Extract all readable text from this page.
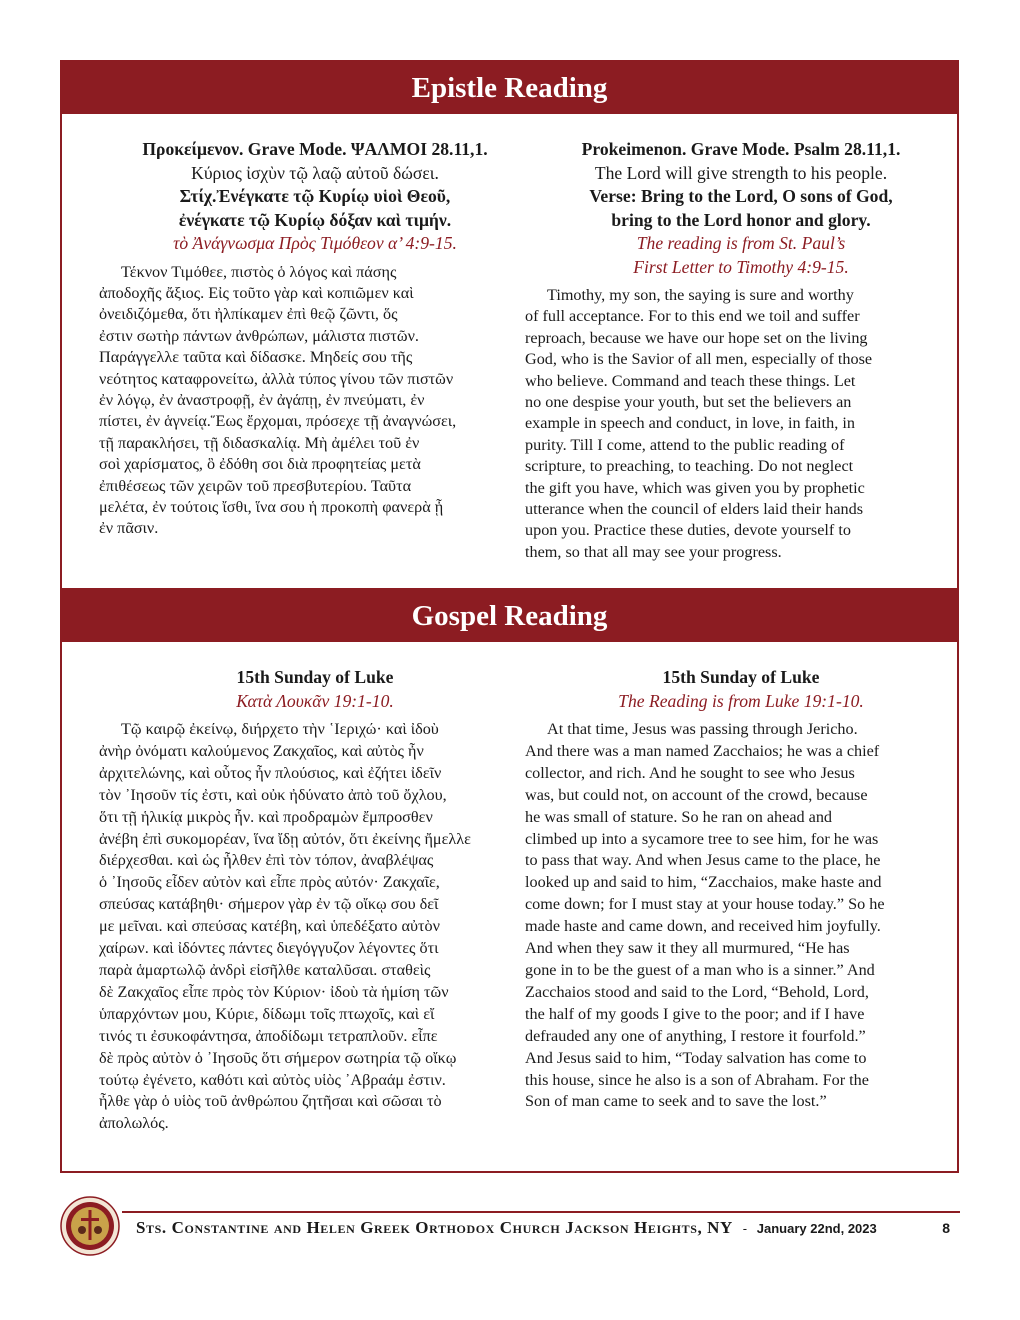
Epistle Reading
Προκείμενον. Grave Mode. ΨΑΛΜΟΙ 28.11,1.
Κύριος ἰσχὺν τῷ λαῷ αὐτοῦ δώσει.
Στίχ.Ἐνέγκατε τῷ Κυρίῳ υἱοὶ Θεοῦ,
ἐνέγκατε τῷ Κυρίῳ δόξαν καὶ τιμήν.
τὸ Ἀνάγνωσμα Πρὸς Τιμόθεον α’ 4:9-15.

Τέκνον Τιμόθεε, πιστὸς ὁ λόγος καὶ πάσης

ἀποδοχῆς ἄξιος. Εἰς τοῦτο γὰρ καὶ κοπιῶμεν καὶ

ὀνειδιζόμεθα, ὅτι ἠλπίκαμεν ἐπὶ θεῷ ζῶντι, ὅς

ἐστιν σωτὴρ πάντων ἀνθρώπων, μάλιστα πιστῶν.

Παράγγελλε ταῦτα καὶ δίδασκε. Μηδείς σου τῆς

νεότητος καταφρονείτω, ἀλλὰ τύπος γίνου τῶν πιστῶν

ἐν λόγῳ, ἐν ἀναστροφῇ, ἐν ἀγάπῃ, ἐν πνεύματι, ἐν

πίστει, ἐν ἁγνείᾳ.Ἕως ἔρχομαι, πρόσεχε τῇ ἀναγνώσει,

τῇ παρακλήσει, τῇ διδασκαλίᾳ. Μὴ ἀμέλει τοῦ ἐν

σοὶ χαρίσματος, ὃ ἐδόθη σοι διὰ προφητείας μετὰ

ἐπιθέσεως τῶν χειρῶν τοῦ πρεσβυτερίου. Ταῦτα

μελέτα, ἐν τούτοις ἴσθι, ἵνα σου ἡ προκοπὴ φανερὰ ᾖ

ἐν πᾶσιν.

Prokeimenon. Grave Mode. Psalm 28.11,1.
The Lord will give strength to his people.
Verse: Bring to the Lord, O sons of God,
bring to the Lord honor and glory.
The reading is from St. Paul’s
First Letter to Timothy 4:9-15.

Timothy, my son, the saying is sure and worthy

of full acceptance. For to this end we toil and suffer

reproach, because we have our hope set on the living

God, who is the Savior of all men, especially of those

who believe. Command and teach these things. Let

no one despise your youth, but set the believers an

example in speech and conduct, in love, in faith, in

purity. Till I come, attend to the public reading of

scripture, to preaching, to teaching. Do not neglect

the gift you have, which was given you by prophetic

utterance when the council of elders laid their hands

upon you. Practice these duties, devote yourself to

them, so that all may see your progress.

Gospel Reading
15th Sunday of Luke
Κατὰ Λουκᾶν 19:1-10.

Τῷ καιρῷ ἐκείνῳ, διήρχετο τὴν ῾Ιεριχώ· καὶ ἰδοὺ

ἀνὴρ ὀνόματι καλούμενος Ζακχαῖος, καὶ αὐτὸς ἦν

ἀρχιτελώνης, καὶ οὗτος ἦν πλούσιος, καὶ ἐζήτει ἰδεῖν

τὸν ᾿Ιησοῦν τίς ἐστι, καὶ οὐκ ἠδύνατο ἀπὸ τοῦ ὄχλου,

ὅτι τῇ ἡλικίᾳ μικρὸς ἦν. καὶ προδραμὼν ἔμπροσθεν

ἀνέβη ἐπὶ συκομορέαν, ἵνα ἴδῃ αὐτόν, ὅτι ἐκείνης ἤμελλε

διέρχεσθαι. καὶ ὡς ἦλθεν ἐπὶ τὸν τόπον, ἀναβλέψας

ὁ ᾿Ιησοῦς εἶδεν αὐτὸν καὶ εἶπε πρὸς αὐτόν· Ζακχαῖε,

σπεύσας κατάβηθι· σήμερον γὰρ ἐν τῷ οἴκῳ σου δεῖ

με μεῖναι. καὶ σπεύσας κατέβη, καὶ ὑπεδέξατο αὐτὸν

χαίρων. καὶ ἰδόντες πάντες διεγόγγυζον λέγοντες ὅτι

παρὰ ἁμαρτωλῷ ἀνδρὶ εἰσῆλθε καταλῦσαι. σταθεὶς

δὲ Ζακχαῖος εἶπε πρὸς τὸν Κύριον· ἰδοὺ τὰ ἡμίση τῶν

ὑπαρχόντων μου, Κύριε, δίδωμι τοῖς πτωχοῖς, καὶ εἴ

τινός τι ἐσυκοφάντησα, ἀποδίδωμι τετραπλοῦν. εἶπε

δὲ πρὸς αὐτὸν ὁ ᾿Ιησοῦς ὅτι σήμερον σωτηρία τῷ οἴκῳ

τούτῳ ἐγένετο, καθότι καὶ αὐτὸς υἱὸς ᾿Αβραάμ ἐστιν.

ἦλθε γὰρ ὁ υἱὸς τοῦ ἀνθρώπου ζητῆσαι καὶ σῶσαι τὸ

ἀπολωλός.

15th Sunday of Luke
The Reading is from Luke 19:1-10.

At that time, Jesus was passing through Jericho.

And there was a man named Zacchaios; he was a chief

collector, and rich. And he sought to see who Jesus

was, but could not, on account of the crowd, because

he was small of stature. So he ran on ahead and

climbed up into a sycamore tree to see him, for he was

to pass that way. And when Jesus came to the place, he

looked up and said to him, “Zacchaios, make haste and

come down; for I must stay at your house today.” So he

made haste and came down, and received him joyfully.

And when they saw it they all murmured, “He has

gone in to be the guest of a man who is a sinner.” And

Zacchaios stood and said to the Lord, “Behold, Lord,

the half of my goods I give to the poor; and if I have

defrauded any one of anything, I restore it fourfold.”

And Jesus said to him, “Today salvation has come to

this house, since he also is a son of Abraham. For the

Son of man came to seek and to save the lost.”

Sts. Constantine and Helen Greek Orthodox Church Jackson Heights, NY - January 22nd, 2023	8
